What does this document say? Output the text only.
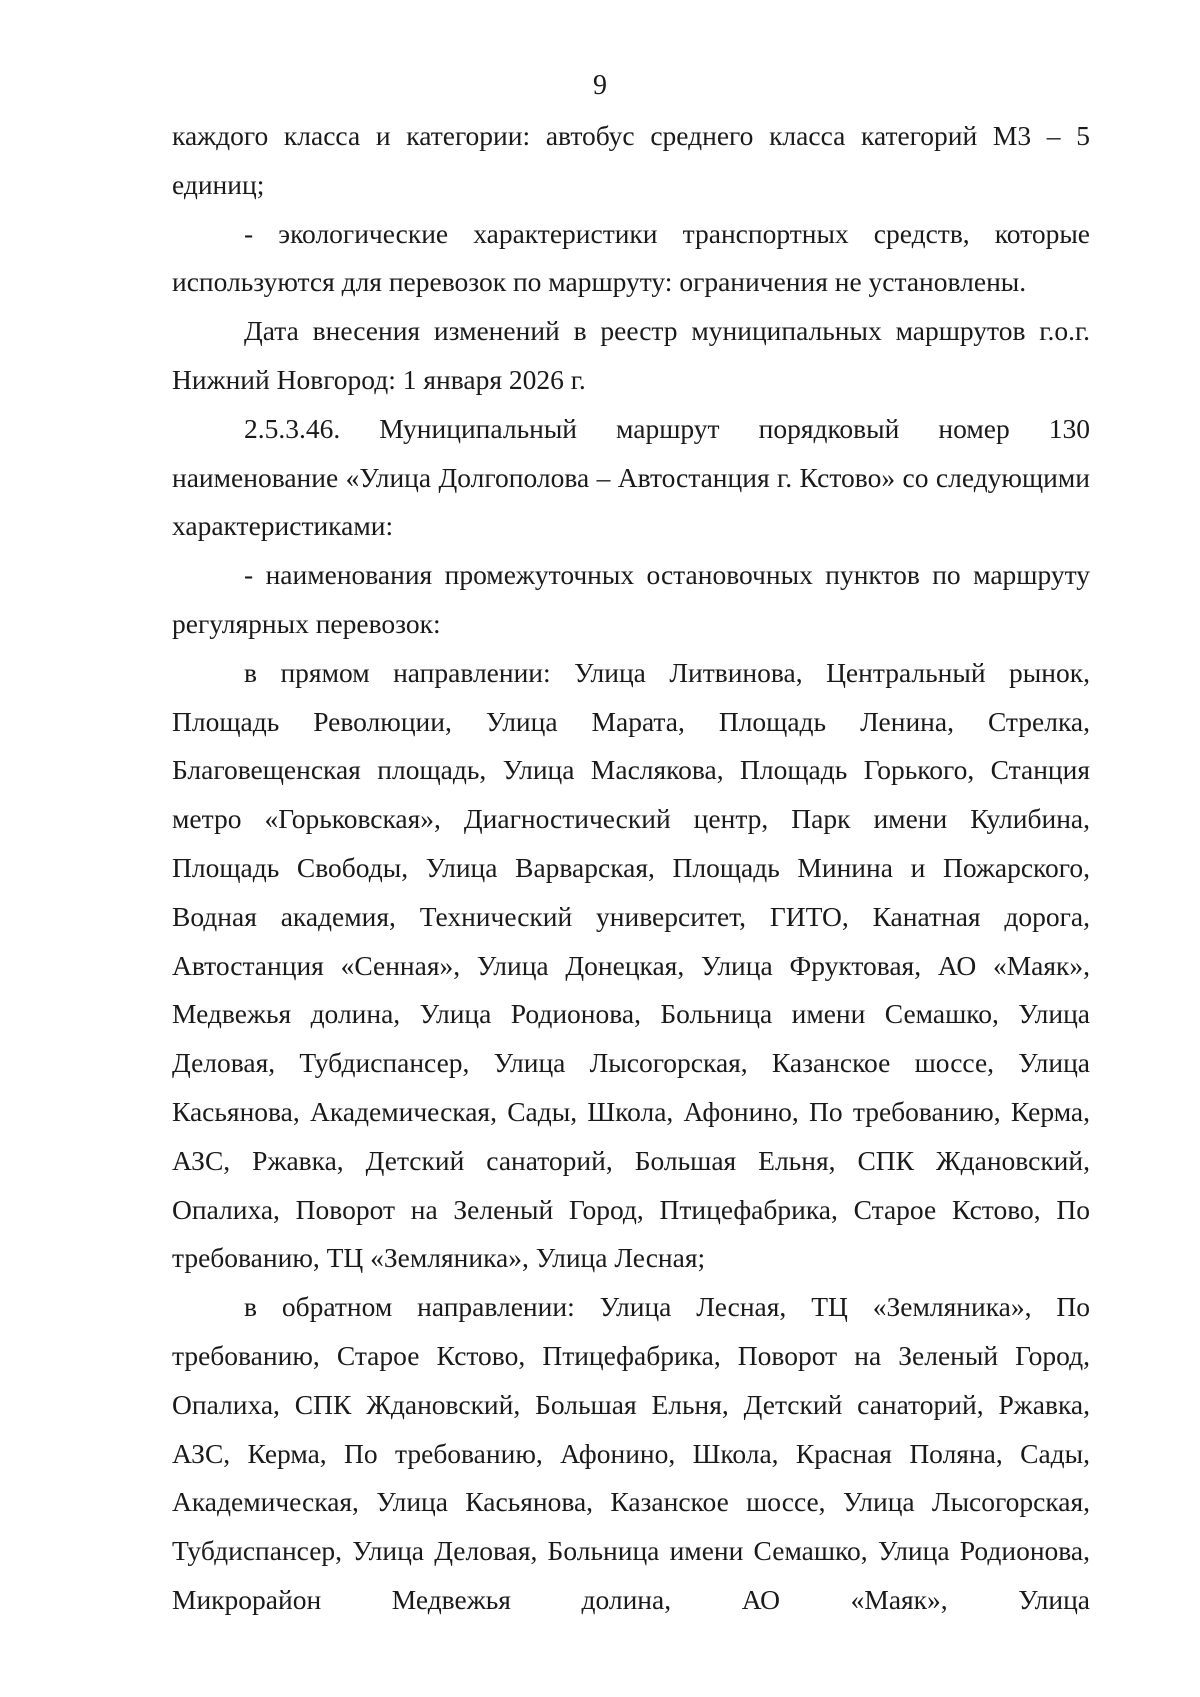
9

каждого класса и категории: автобус среднего класса категорий М3 – 5 единиц;

- экологические характеристики транспортных средств, которые используются для перевозок по маршруту: ограничения не установлены.

Дата внесения изменений в реестр муниципальных маршрутов г.о.г. Нижний Новгород: 1 января 2026 г.

2.5.3.46. Муниципальный маршрут порядковый номер 130 наименование «Улица Долгополова – Автостанция г. Кстово» со следующими характеристиками:

- наименования промежуточных остановочных пунктов по маршруту регулярных перевозок:

в прямом направлении: Улица Литвинова, Центральный рынок, Площадь Революции, Улица Марата, Площадь Ленина, Стрелка, Благовещенская площадь, Улица Маслякова, Площадь Горького, Станция метро «Горьковская», Диагностический центр, Парк имени Кулибина, Площадь Свободы, Улица Варварская, Площадь Минина и Пожарского, Водная академия, Технический университет, ГИТО, Канатная дорога, Автостанция «Сенная», Улица Донецкая, Улица Фруктовая, АО «Маяк», Медвежья долина, Улица Родионова, Больница имени Семашко, Улица Деловая, Тубдиспансер, Улица Лысогорская, Казанское шоссе, Улица Касьянова, Академическая, Сады, Школа, Афонино, По требованию, Керма, АЗС, Ржавка, Детский санаторий, Большая Ельня, СПК Ждановский, Опалиха, Поворот на Зеленый Город, Птицефабрика, Старое Кстово, По требованию, ТЦ «Земляника», Улица Лесная;

в обратном направлении: Улица Лесная, ТЦ «Земляника», По требованию, Старое Кстово, Птицефабрика, Поворот на Зеленый Город, Опалиха, СПК Ждановский, Большая Ельня, Детский санаторий, Ржавка, АЗС, Керма, По требованию, Афонино, Школа, Красная Поляна, Сады, Академическая, Улица Касьянова, Казанское шоссе, Улица Лысогорская, Тубдиспансер, Улица Деловая, Больница имени Семашко, Улица Родионова, Микрорайон Медвежья долина, АО «Маяк», Улица
